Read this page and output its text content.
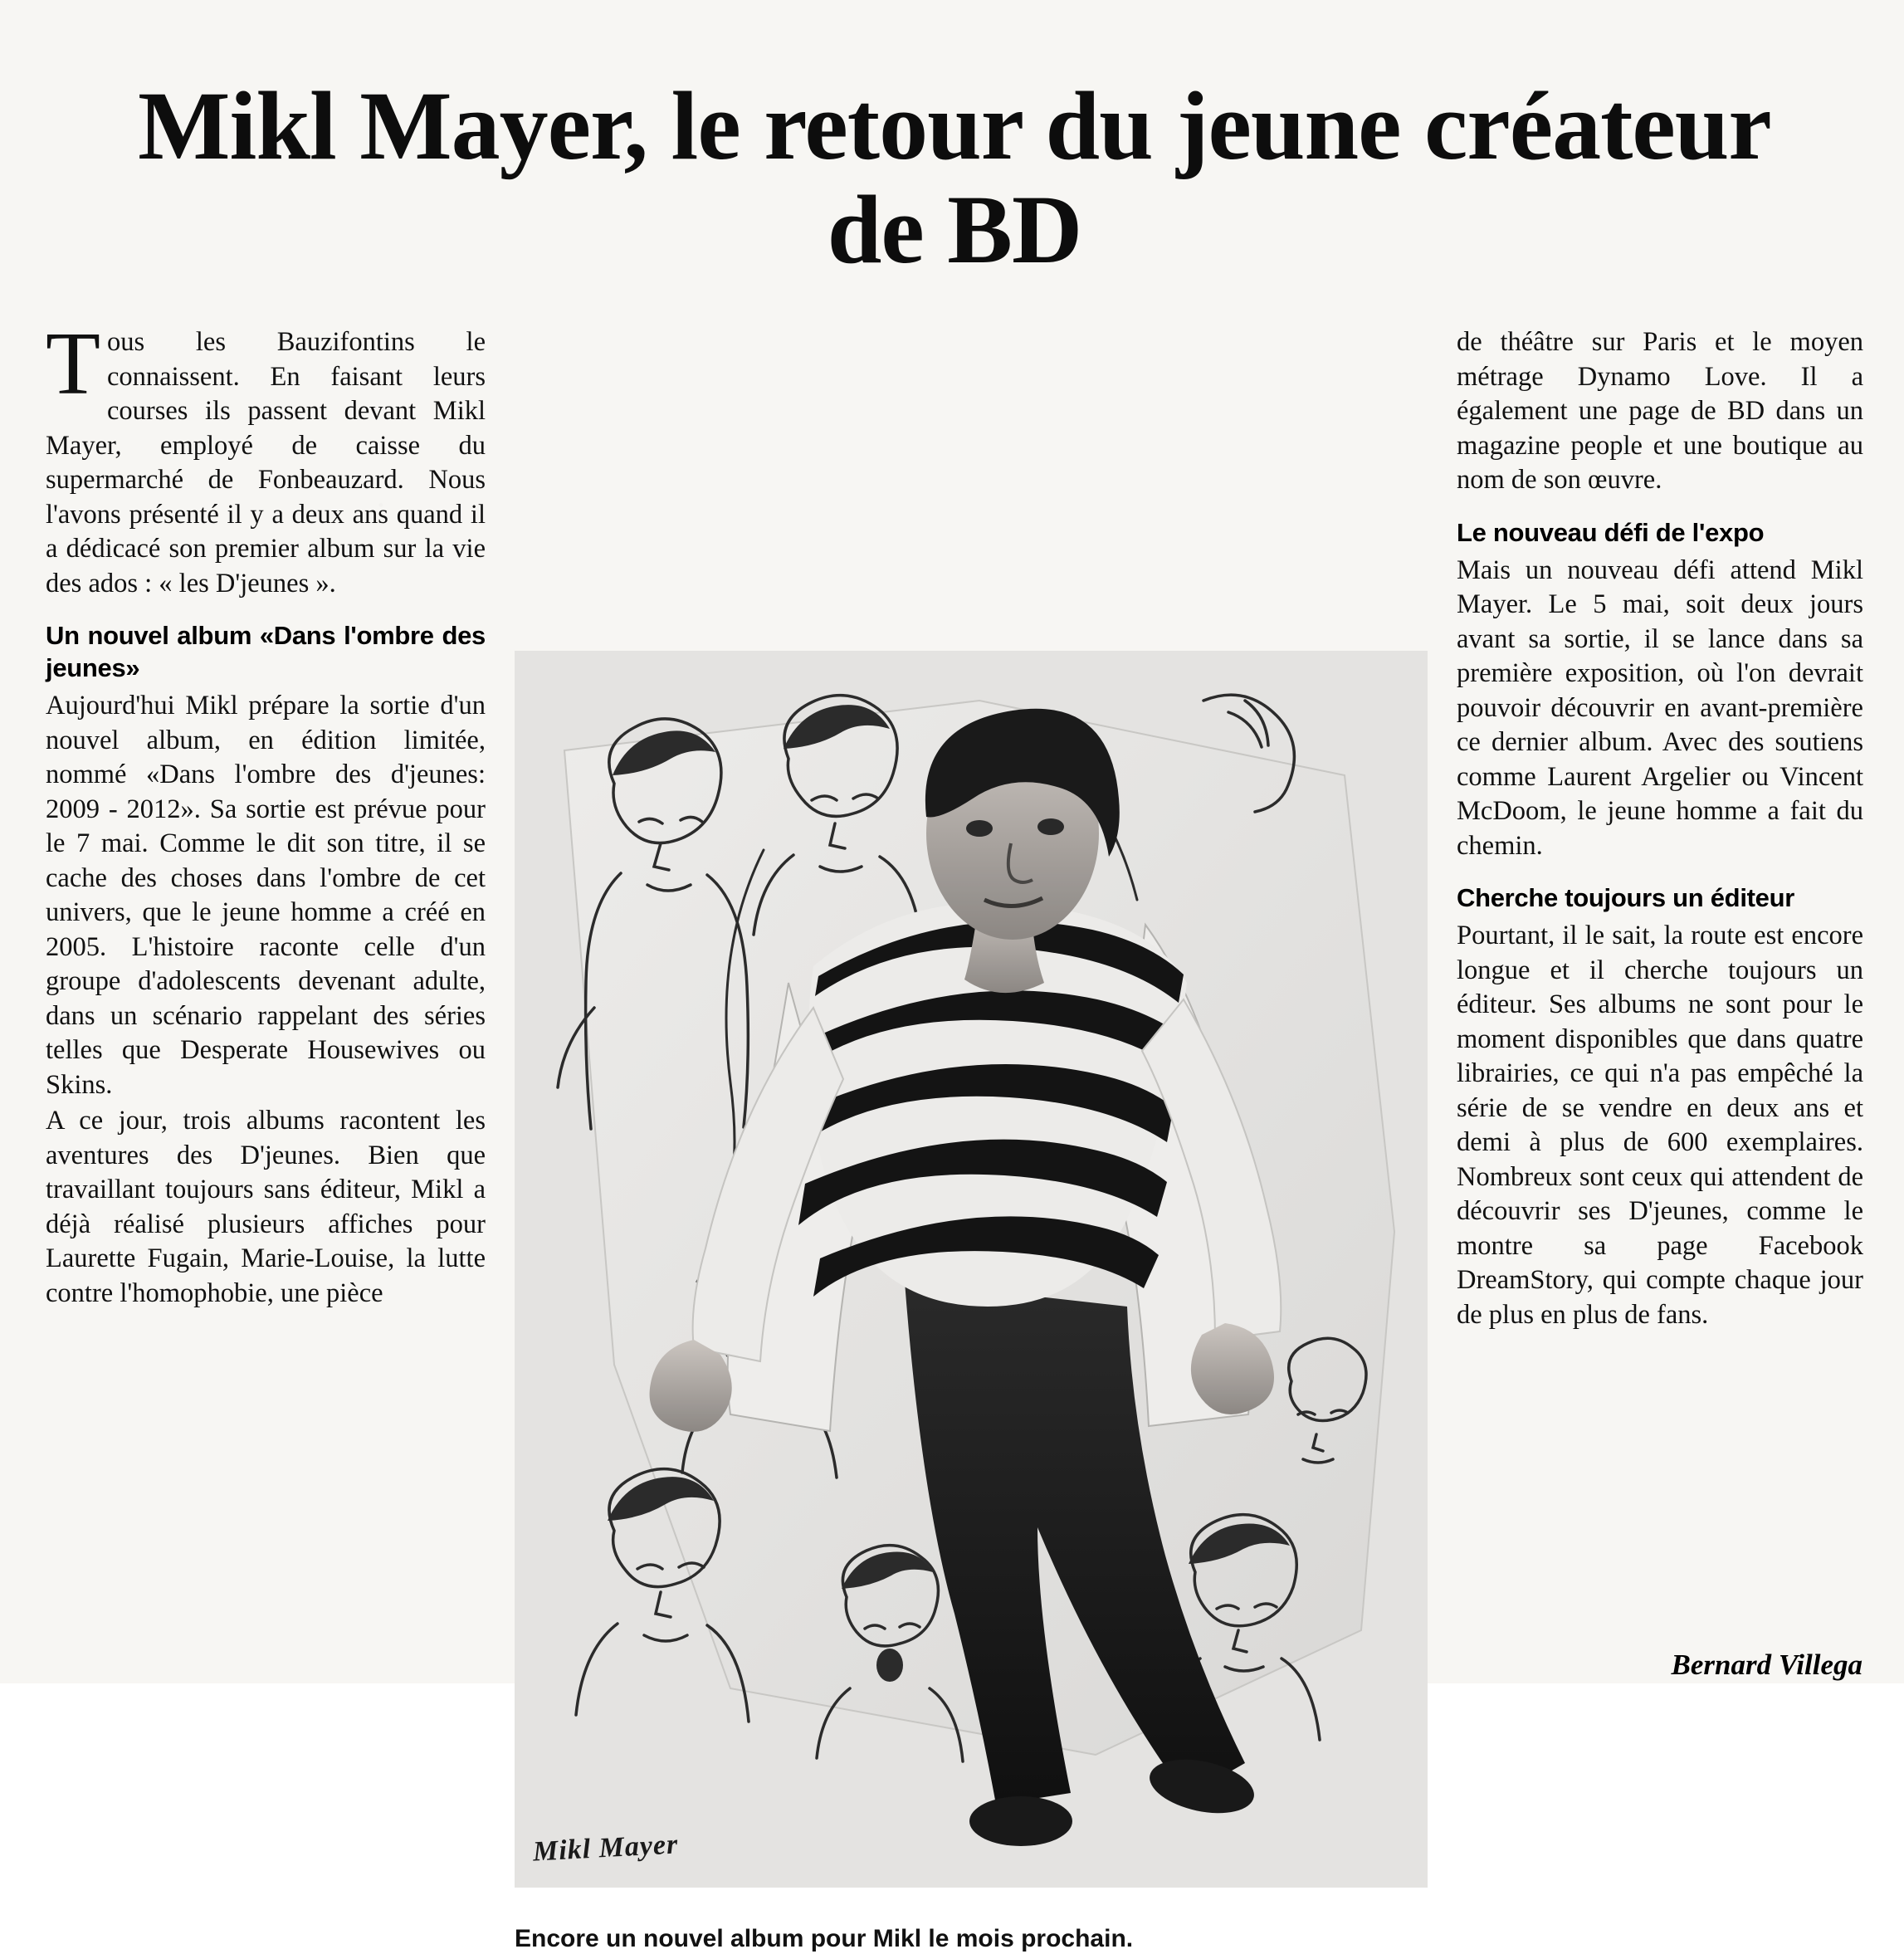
Mikl Mayer, le retour du jeune créateur de BD

Tous les Bauzifontins le connaissent. En faisant leurs courses ils passent devant Mikl Mayer, employé de caisse du supermarché de Fonbeauzard. Nous l'avons présenté il y a deux ans quand il a dédicacé son premier album sur la vie des ados : « les D'jeunes ».

Un nouvel album «Dans l'ombre des jeunes»

Aujourd'hui Mikl prépare la sortie d'un nouvel album, en édition limitée, nommé «Dans l'ombre des d'jeunes: 2009 - 2012». Sa sortie est prévue pour le 7 mai. Comme le dit son titre, il se cache des choses dans l'ombre de cet univers, que le jeune homme a créé en 2005. L'histoire raconte celle d'un groupe d'adolescents devenant adulte, dans un scénario rappelant des séries telles que Desperate Housewives ou Skins.

A ce jour, trois albums racontent les aventures des D'jeunes. Bien que travaillant toujours sans éditeur, Mikl a déjà réalisé plusieurs affiches pour Laurette Fugain, Marie-Louise, la lutte contre l'homophobie, une pièce

Mikl Mayer
Encore un nouvel album pour Mikl le mois prochain.

de théâtre sur Paris et le moyen métrage Dynamo Love. Il a également une page de BD dans un magazine people et une boutique au nom de son œuvre.

Le nouveau défi de l'expo

Mais un nouveau défi attend Mikl Mayer. Le 5 mai, soit deux jours avant sa sortie, il se lance dans sa première exposition, où l'on devrait pouvoir découvrir en avant-première ce dernier album. Avec des soutiens comme Laurent Argelier ou Vincent McDoom, le jeune homme a fait du chemin.

Cherche toujours un éditeur

Pourtant, il le sait, la route est encore longue et il cherche toujours un éditeur. Ses albums ne sont pour le moment disponibles que dans quatre librairies, ce qui n'a pas empêché la série de se vendre en deux ans et demi à plus de 600 exemplaires. Nombreux sont ceux qui attendent de découvrir ses D'jeunes, comme le montre sa page Facebook DreamStory, qui compte chaque jour de plus en plus de fans.

Bernard Villega
